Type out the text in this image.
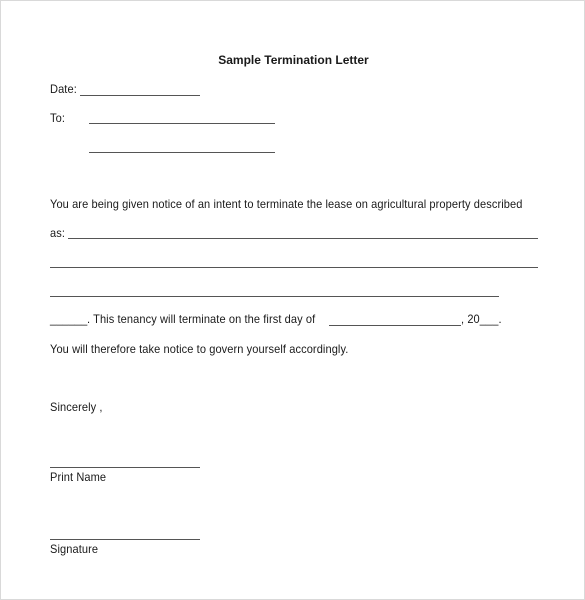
Sample Termination Letter
Date:
To:
You are being given notice of an intent to terminate the lease on agricultural property described
as:
______ . This tenancy will terminate on the first day of	, 20___.
You will therefore take notice to govern yourself accordingly.
Sincerely ,
Print Name
Signature
